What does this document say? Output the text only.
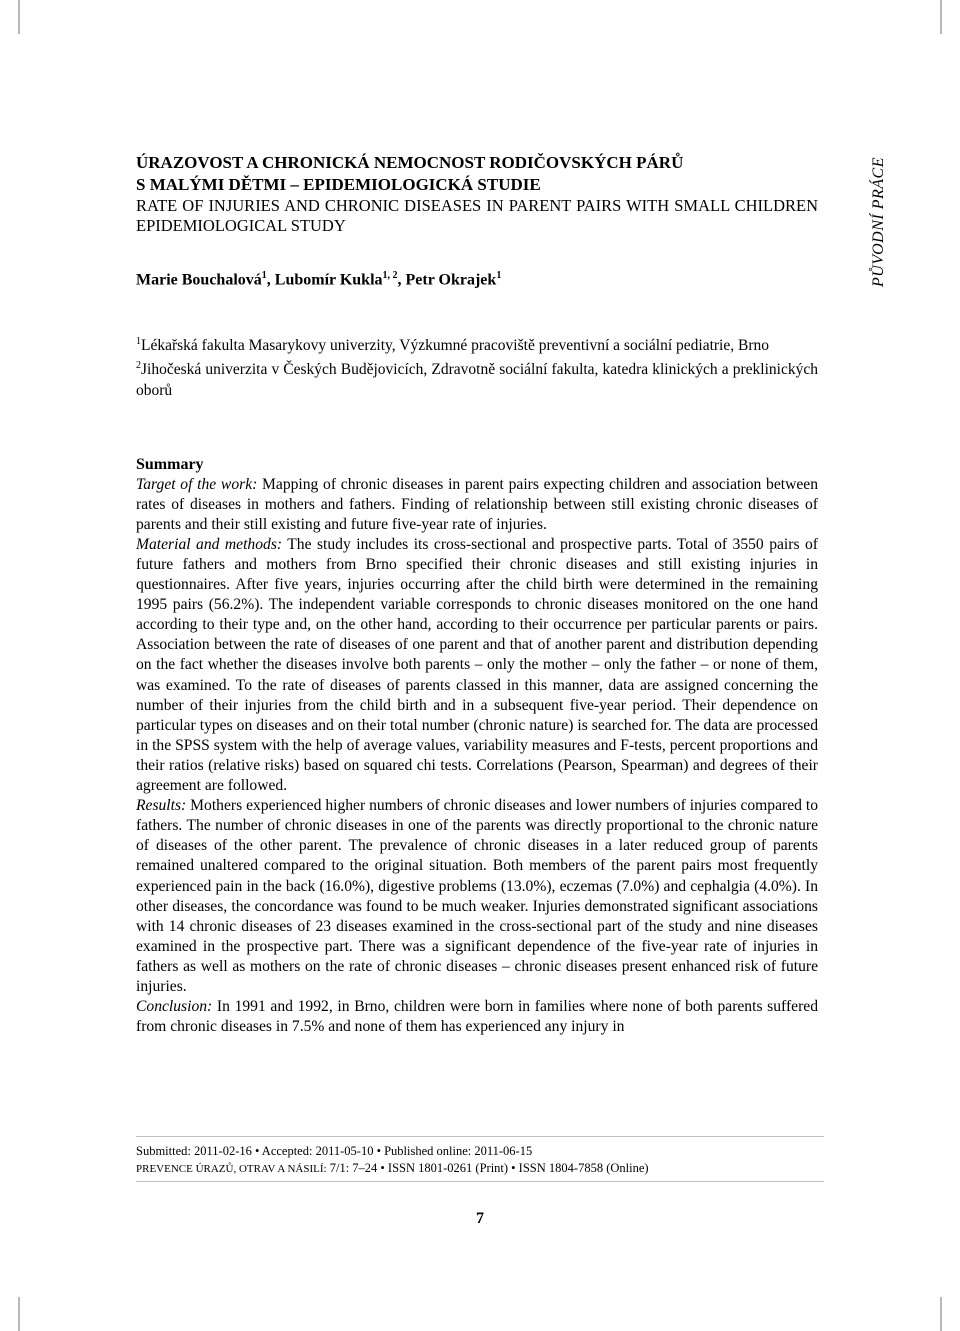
PŮVODNÍ PRÁCE

ÚRAZOVOST A CHRONICKÁ NEMOCNOST RODIČOVSKÝCH PÁRŮ

S MALÝMI DĚTMI – EPIDEMIOLOGICKÁ STUDIE

RATE OF INJURIES AND CHRONIC DISEASES IN PARENT PAIRS WITH SMALL CHILDREN EPIDEMIOLOGICAL STUDY

Marie Bouchalová$^1$, Lubomír Kukla$^{1, 2}$, Petr Okrajek$^1$

$^1$Lékařská fakulta Masarykovy univerzity, Výzkumné pracoviště preventivní a sociální pediatrie, Brno

$^2$Jihočeská univerzita v Českých Budějovicích, Zdravotně sociální fakulta, katedra klinických a preklinických oborů

Summary

Target of the work: Mapping of chronic diseases in parent pairs expecting children and association between rates of diseases in mothers and fathers. Finding of relationship between still existing chronic diseases of parents and their still existing and future five-year rate of injuries.

Material and methods: The study includes its cross-sectional and prospective parts. Total of 3550 pairs of future fathers and mothers from Brno specified their chronic diseases and still existing injuries in questionnaires. After five years, injuries occurring after the child birth were determined in the remaining 1995 pairs (56.2%). The independent variable corresponds to chronic diseases monitored on the one hand according to their type and, on the other hand, according to their occurrence per particular parents or pairs. Association between the rate of diseases of one parent and that of another parent and distribution depending on the fact whether the diseases involve both parents – only the mother – only the father – or none of them, was examined. To the rate of diseases of parents classed in this manner, data are assigned concerning the number of their injuries from the child birth and in a subsequent five-year period. Their dependence on particular types on diseases and on their total number (chronic nature) is searched for. The data are processed in the SPSS system with the help of average values, variability measures and F-tests, percent proportions and their ratios (relative risks) based on squared chi tests. Correlations (Pearson, Spearman) and degrees of their agreement are followed.

Results: Mothers experienced higher numbers of chronic diseases and lower numbers of injuries compared to fathers. The number of chronic diseases in one of the parents was directly proportional to the chronic nature of diseases of the other parent. The prevalence of chronic diseases in a later reduced group of parents remained unaltered compared to the original situation. Both members of the parent pairs most frequently experienced pain in the back (16.0%), digestive problems (13.0%), eczemas (7.0%) and cephalgia (4.0%). In other diseases, the concordance was found to be much weaker. Injuries demonstrated significant associations with 14 chronic diseases of 23 diseases examined in the cross-sectional part of the study and nine diseases examined in the prospective part. There was a significant dependence of the five-year rate of injuries in fathers as well as mothers on the rate of chronic diseases – chronic diseases present enhanced risk of future injuries.

Conclusion: In 1991 and 1992, in Brno, children were born in families where none of both parents suffered from chronic diseases in 7.5% and none of them has experienced any injury in

Submitted: 2011-02-16 • Accepted: 2011-05-10 • Published online: 2011-06-15

PREVENCE ÚRAZŮ, OTRAV A NÁSILÍ: 7/1: 7–24 • ISSN 1801-0261 (Print) • ISSN 1804-7858 (Online)

7
